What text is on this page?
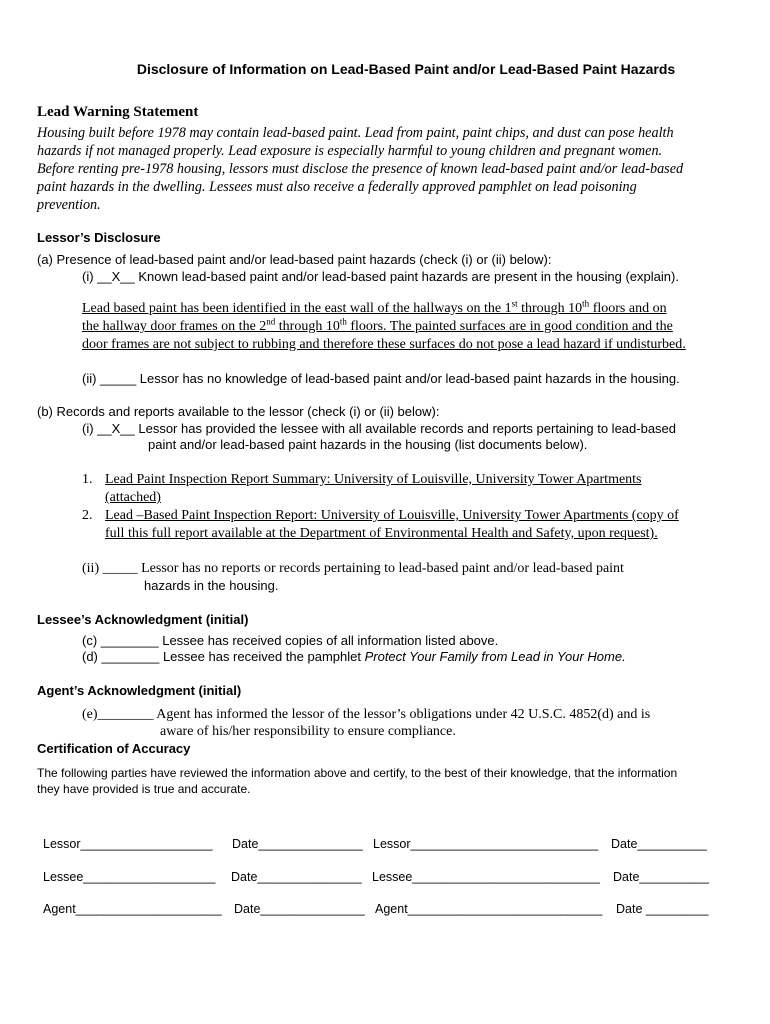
Disclosure of Information on Lead-Based Paint and/or Lead-Based Paint Hazards
Lead Warning Statement
Housing built before 1978 may contain lead-based paint. Lead from paint, paint chips, and dust can pose health
hazards if not managed properly. Lead exposure is especially harmful to young children and pregnant women.
Before renting pre-1978 housing, lessors must disclose the presence of known lead-based paint and/or lead-based
paint hazards in the dwelling. Lessees must also receive a federally approved pamphlet on lead poisoning
prevention.
Lessor’s Disclosure
(a) Presence of lead-based paint and/or lead-based paint hazards (check (i) or (ii) below):
(i) __X__ Known lead-based paint and/or lead-based paint hazards are present in the housing (explain).
Lead based paint has been identified in the east wall of the hallways on the 1st through 10th floors and on
the hallway door frames on the 2nd through 10th floors. The painted surfaces are in good condition and the
door frames are not subject to rubbing and therefore these surfaces do not pose a lead hazard if undisturbed.
(ii) _____ Lessor has no knowledge of lead-based paint and/or lead-based paint hazards in the housing.
(b) Records and reports available to the lessor (check (i) or (ii) below):
(i) __X__ Lessor has provided the lessee with all available records and reports pertaining to lead-based
paint and/or lead-based paint hazards in the housing (list documents below).
1. Lead Paint Inspection Report Summary: University of Louisville, University Tower Apartments
(attached)
2. Lead –Based Paint Inspection Report: University of Louisville, University Tower Apartments (copy of
full this full report available at the Department of Environmental Health and Safety, upon request).
(ii) _____ Lessor has no reports or records pertaining to lead-based paint and/or lead-based paint
hazards in the housing.
Lessee’s Acknowledgment (initial)
(c) ________ Lessee has received copies of all information listed above.
(d) ________ Lessee has received the pamphlet Protect Your Family from Lead in Your Home.
Agent’s Acknowledgment (initial)
(e)________ Agent has informed the lessor of the lessor’s obligations under 42 U.S.C. 4852(d) and is
aware of his/her responsibility to ensure compliance.
Certification of Accuracy
The following parties have reviewed the information above and certify, to the best of their knowledge, that the information
they have provided is true and accurate.
Lessor___________________ Date_______________ Lessor___________________________ Date__________
Lessee___________________ Date_______________ Lessee___________________________ Date__________
Agent_____________________ Date_______________ Agent____________________________ Date _________
